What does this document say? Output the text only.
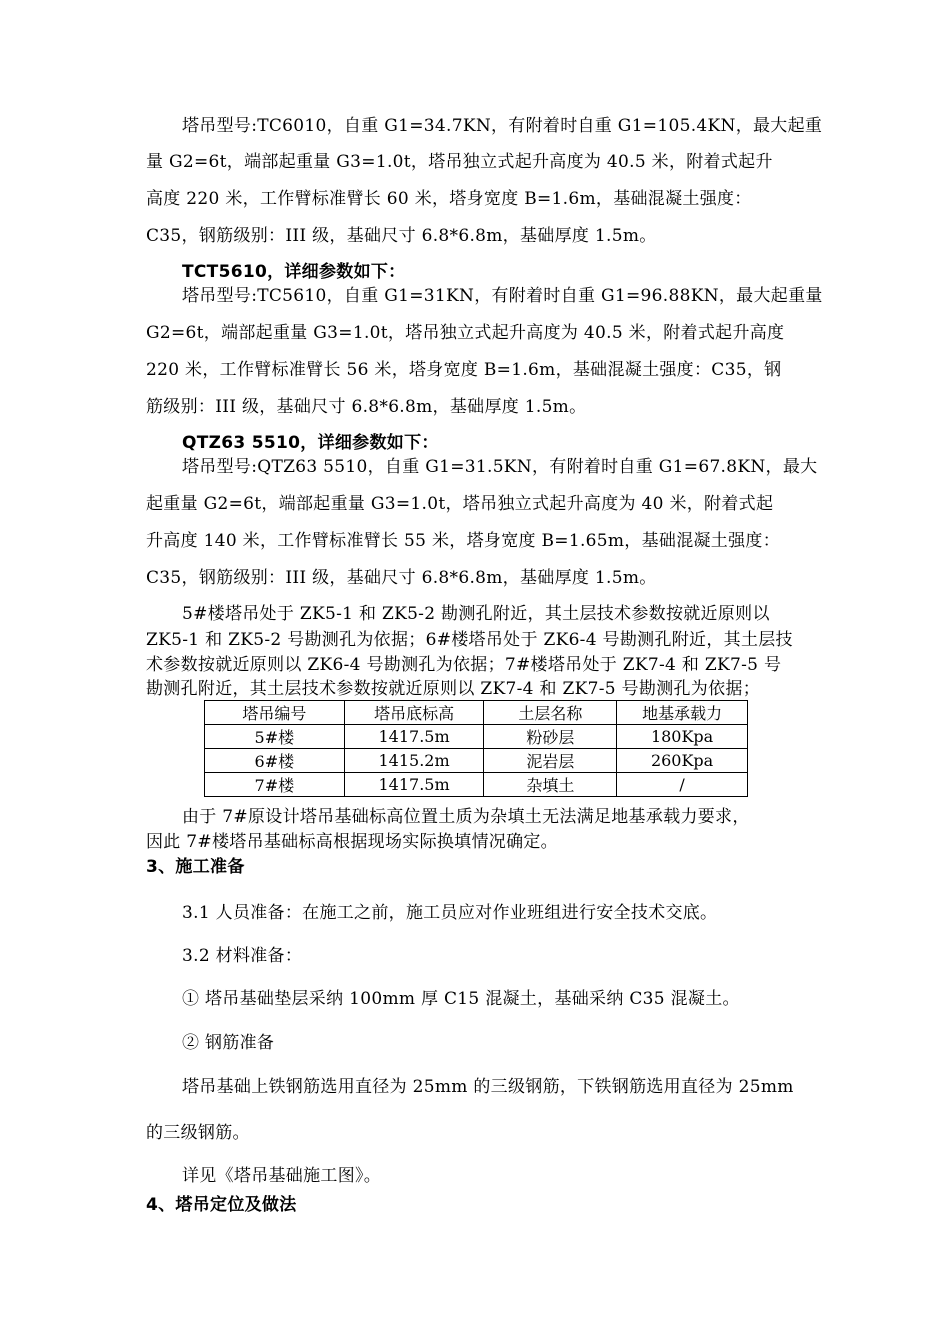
塔吊型号:TC6010，自重 G1=34.7KN，有附着时自重 G1=105.4KN，最大起重
量 G2=6t，端部起重量 G3=1.0t，塔吊独立式起升高度为 40.5 米，附着式起升
高度 220 米，工作臂标准臂长 60 米，塔身宽度 B=1.6m，基础混凝土强度：
C35，钢筋级别：III 级，基础尺寸 6.8*6.8m，基础厚度 1.5m。
TCT5610，详细参数如下：
塔吊型号:TC5610，自重 G1=31KN，有附着时自重 G1=96.88KN，最大起重量
G2=6t，端部起重量 G3=1.0t，塔吊独立式起升高度为 40.5 米，附着式起升高度
220 米，工作臂标准臂长 56 米，塔身宽度 B=1.6m，基础混凝土强度：C35，钢
筋级别：III 级，基础尺寸 6.8*6.8m，基础厚度 1.5m。
QTZ63 5510，详细参数如下：
塔吊型号:QTZ63 5510，自重 G1=31.5KN，有附着时自重 G1=67.8KN，最大
起重量 G2=6t，端部起重量 G3=1.0t，塔吊独立式起升高度为 40 米，附着式起
升高度 140 米，工作臂标准臂长 55 米，塔身宽度 B=1.65m，基础混凝土强度：
C35，钢筋级别：III 级，基础尺寸 6.8*6.8m，基础厚度 1.5m。
5#楼塔吊处于 ZK5-1 和 ZK5-2 勘测孔附近，其土层技术参数按就近原则以
ZK5-1 和 ZK5-2 号勘测孔为依据；6#楼塔吊处于 ZK6-4 号勘测孔附近，其土层技
术参数按就近原则以 ZK6-4 号勘测孔为依据；7#楼塔吊处于 ZK7-4 和 ZK7-5 号
勘测孔附近，其土层技术参数按就近原则以 ZK7-4 和 ZK7-5 号勘测孔为依据；
塔吊编号	塔吊底标高	土层名称	地基承载力
5#楼	1417.5m	粉砂层	180Kpa
6#楼	1415.2m	泥岩层	260Kpa
7#楼	1417.5m	杂填土	/
由于 7#原设计塔吊基础标高位置土质为杂填土无法满足地基承载力要求，
因此 7#楼塔吊基础标高根据现场实际换填情况确定。
3、施工准备
3.1 人员准备：在施工之前，施工员应对作业班组进行安全技术交底。
3.2 材料准备：
① 塔吊基础垫层采纳 100mm 厚 C15 混凝土，基础采纳 C35 混凝土。
② 钢筋准备
塔吊基础上铁钢筋选用直径为 25mm 的三级钢筋，下铁钢筋选用直径为 25mm
的三级钢筋。
详见《塔吊基础施工图》。
4、塔吊定位及做法
